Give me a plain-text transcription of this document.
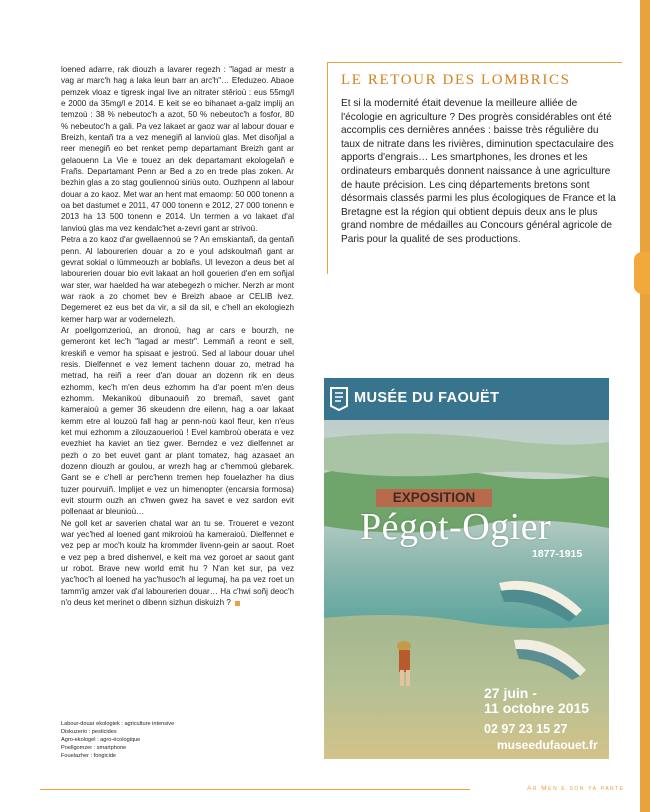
loened adarre, rak diouzh a lavarer regezh : "lagad ar mestr a vag ar marc'h hag a laka leun barr an arc'h"… Efeduzeo. Abaoe pemzek vloaz e tigresk ingal live an nitrater stêrioù : eus 55mg/l e 2000 da 35mg/l e 2014. E keit se eo bihanaet a-galz implij an temzoù : 38 % nebeutoc'h a azot, 50 % nebeutoc'h a fosfor, 80 % nebeutoc'h a gali. Pa vez lakaet ar gaoz war al labour douar e Breizh, kentañ tra a vez menegiñ al lanvioù glas. Met disoñjal a reer menegiñ eo bet renket pemp departamant Breizh gant ar gelaouenn La Vie e touez an dek departamant ekologelañ e Frañs. Departamant Penn ar Bed a zo en trede plas zoken. Ar bezhin glas a zo stag gouliennoù siriùs outo. Ouzhpenn al labour douar a zo kaoz. Met war an hent mat emaomp: 50 000 tonenn a oa bet dastumet e 2011, 47 000 tonenn e 2012, 27 000 tonenn e 2013 ha 13 500 tonenn e 2014. Un termen a vo lakaet d'al lanvioù glas ma vez kendalc'het a-zevri gant ar strivoù.

Petra a zo kaoz d'ar gwellaennoù se ? An emskiantañ, da gentañ penn. Al labourerien douar a zo e youl adskoulmañ gant ar gevrat sokial o lümmeouzh ar boblañs. Ul levezon a deus bet al labourerien douar bio evit lakaat an holl gouerien d'en em soñjal war ster, war haelded ha war atebegezh o micher. Nerzh ar mont war raok a zo chomet bev e Breizh abaoe ar CELIB ivez. Degemeret ez eus bet da vir, a sil da sil, e c'hell an ekologiezh kemer harp war ar vodernelezh.

Ar poellgomzerioù, an dronoù, hag ar cars e bourzh, ne gemeront ket lec'h "lagad ar mestr". Lemmañ a reont e sell, kreskiñ e vemor ha spisaat e jestroù. Sed al labour douar uhel resis. Dielfennet e vez lement tachenn douar zo, metrad ha metrad, ha reiñ a reer d'an douar an dozenn rik en deus ezhomm, kec'h m'en deus ezhomm ha d'ar poent m'en deus ezhomm. Mekanikoù dibunaouiñ zo bremañ, savet gant kameraioù a gemer 36 skeudenn dre eilenn, hag a oar lakaat kemm etre al louzoù fall hag ar penn-noù kaol fleur, ken n'eus ket mui ezhomm a zilouzaouerioù ! Evel kambroù oberata e vez evezhiet ha kaviet an tiez gwer. Berndez e vez dielfennet ar pezh o zo bet euvet gant ar plant tomatez, hag azasaet an dozenn diouzh ar goulou, ar wrezh hag ar c'hemmoù glebarek. Gant se e c'hell ar perc'henn tremen hep foueIazher ha dius tuzer pourvuiñ. Implijet e vez un himenopter (encarsia formosa) evit stourm ouzh an c'hwen gwez ha savet e vez sardon evit pollenaat ar bleunioù…

Ne goll ket ar saverien chatal war an tu se. Troueret e vezont war yec'hed al loened gant mikroioù ha kameraioù. Dielfennet e vez pep ar moc'h koulz ha krommder livenn-gein ar saout. Roet e vez pep a bred dishenvel, e keit ma vez goroet ar saout gant ur robot. Brave new world emit hu ? N'an ket sur, pa vez yac'hoc'h al loened ha yac'husoc'h al legumaj, ha pa vez roet un tamm'ig amzer vak d'al labourerien douar… Ha c'hwi soñj deoc'h n'o deus ket merinet o dibenn sizhun diskuizh ?

Labour-douar ekologiek : agriculture intensive
Diskuzerio : pesticides
Agro-ekologel : agro-écologique
Poellgomzer : smartphone
Fouelazher : fongicide
LE RETOUR DES LOMBRICS
Et si la modernité était devenue la meilleure alliée de l'écologie en agriculture ? Des progrès considérables ont été accomplis ces dernières années : baisse très régulière du taux de nitrate dans les rivières, diminution spectaculaire des apports d'engrais… Les smartphones, les drones et les ordinateurs embarqués donnent naissance à une agriculture de haute précision. Les cinq départements bretons sont désormais classés parmi les plus écologiques de France et la Bretagne est la région qui obtient depuis deux ans le plus grand nombre de médailles au Concours général agricole de Paris pour la qualité de ses productions.
MUSÉE DU FAOUËT
EXPOSITION
Pégot-Ogier
1877-1915
27 juin -
11 octobre 2015
02 97 23 15 27
museedufaouet.fr
Ar Men e son ya parte
